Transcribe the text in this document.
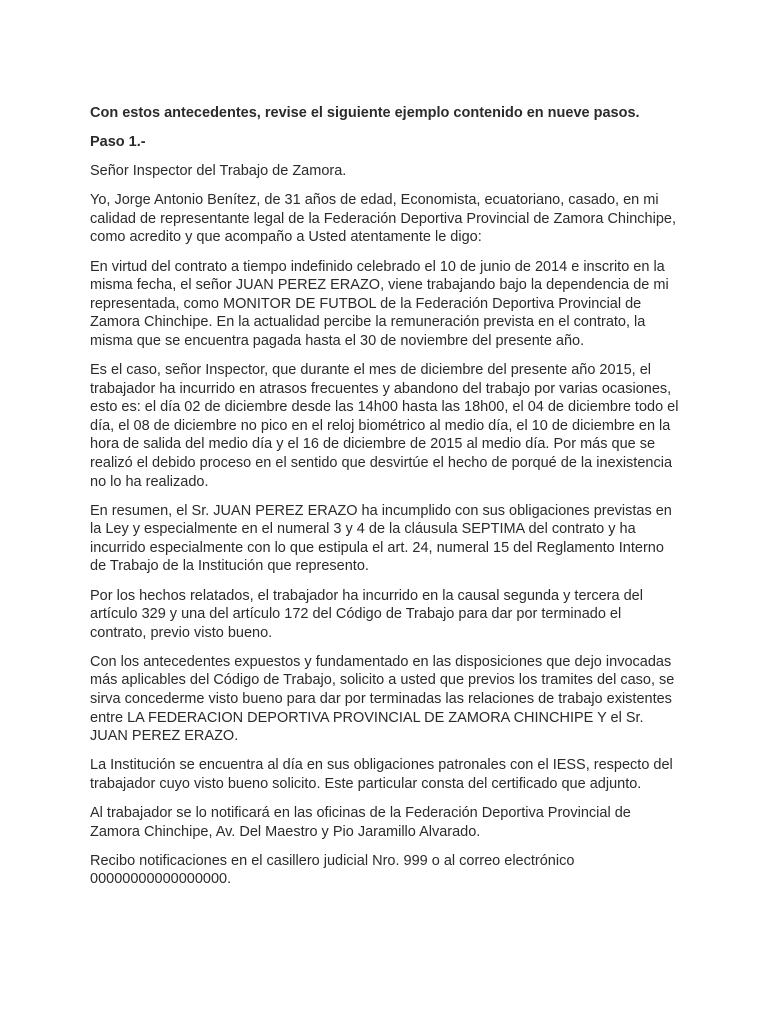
Con estos antecedentes, revise el siguiente ejemplo contenido en nueve pasos.

Paso 1.-

Señor Inspector del Trabajo de Zamora.

Yo, Jorge Antonio Benítez, de 31 años de edad, Economista, ecuatoriano, casado, en mi calidad de representante legal de la Federación Deportiva Provincial de Zamora Chinchipe, como acredito y que acompaño a Usted atentamente le digo:

En virtud del contrato a tiempo indefinido celebrado el 10 de junio de 2014 e inscrito en la misma fecha, el señor JUAN PEREZ ERAZO, viene trabajando bajo la dependencia de mi representada, como MONITOR DE FUTBOL de la Federación Deportiva Provincial de Zamora Chinchipe. En la actualidad percibe la remuneración prevista en el contrato, la misma que se encuentra pagada hasta el 30 de noviembre del presente año.

Es el caso, señor Inspector, que durante el mes de diciembre del presente año 2015, el trabajador ha incurrido en atrasos frecuentes y abandono del trabajo por varias ocasiones, esto es: el día 02 de diciembre desde las 14h00 hasta las 18h00, el 04 de diciembre todo el día, el 08 de diciembre no pico en el reloj biométrico al medio día, el 10 de diciembre en la hora de salida del medio día y el 16 de diciembre de 2015 al medio día. Por más que se realizó el debido proceso en el sentido que desvirtúe el hecho de porqué de la inexistencia no lo ha realizado.

En resumen, el Sr. JUAN PEREZ ERAZO ha incumplido con sus obligaciones previstas en la Ley y especialmente en el numeral 3 y 4 de la cláusula SEPTIMA del contrato y ha incurrido especialmente con lo que estipula el art. 24, numeral 15 del Reglamento Interno de Trabajo de la Institución que represento.

Por los hechos relatados, el trabajador ha incurrido en la causal segunda y tercera del artículo 329 y una del artículo 172 del Código de Trabajo para dar por terminado el contrato, previo visto bueno.

Con los antecedentes expuestos y fundamentado en las disposiciones que dejo invocadas más aplicables del Código de Trabajo, solicito a usted que previos los tramites del caso, se sirva concederme visto bueno para dar por terminadas las relaciones de trabajo existentes entre LA FEDERACION DEPORTIVA PROVINCIAL DE ZAMORA CHINCHIPE Y el Sr. JUAN PEREZ ERAZO.

La Institución se encuentra al día en sus obligaciones patronales con el IESS, respecto del trabajador cuyo visto bueno solicito. Este particular consta del certificado que adjunto.

Al trabajador se lo notificará en las oficinas de la Federación Deportiva Provincial de Zamora Chinchipe, Av. Del Maestro y Pio Jaramillo Alvarado.

Recibo notificaciones en el casillero judicial Nro. 999 o al correo electrónico 00000000000000000.
